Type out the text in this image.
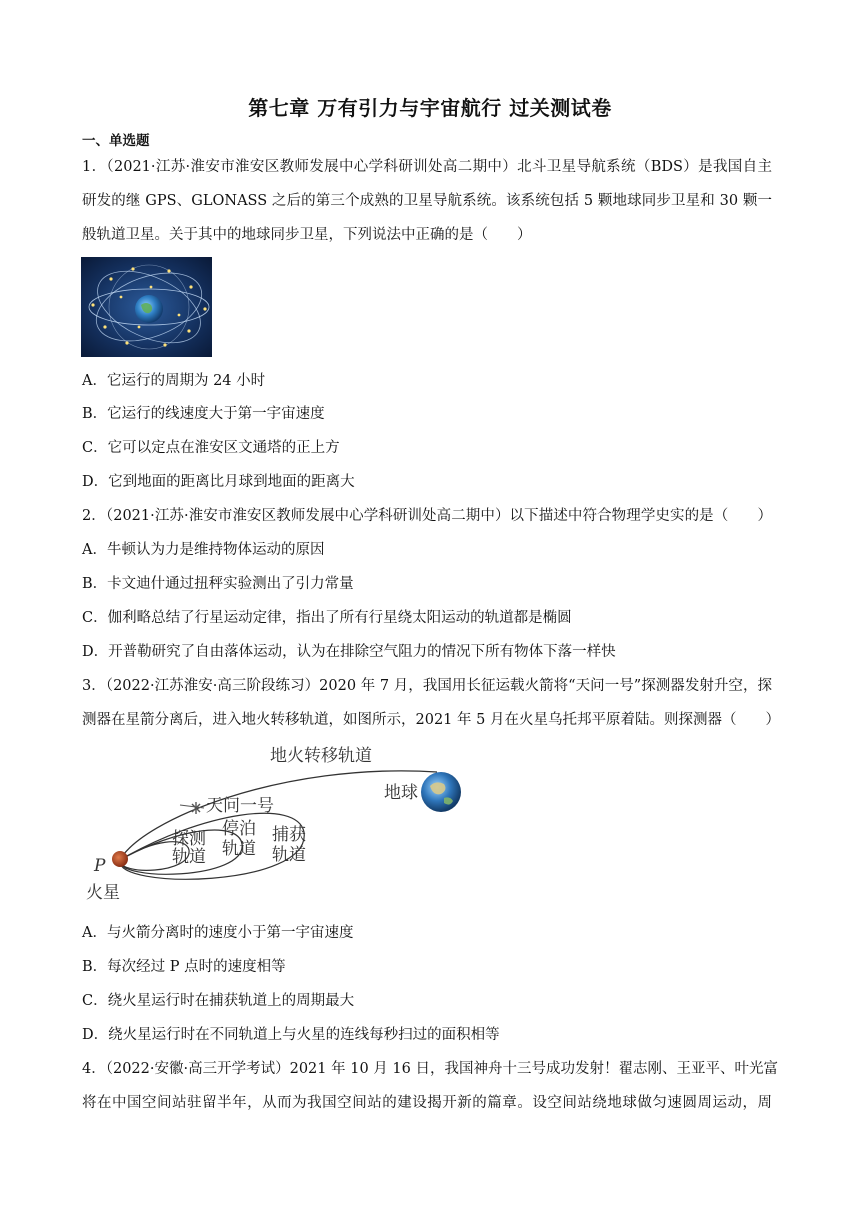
第七章 万有引力与宇宙航行 过关测试卷
一、单选题
1．（2021·江苏·淮安市淮安区教师发展中心学科研训处高二期中）北斗卫星导航系统（BDS）是我国自主
研发的继 GPS、GLONASS 之后的第三个成熟的卫星导航系统。该系统包括 5 颗地球同步卫星和 30 颗一
般轨道卫星。关于其中的地球同步卫星，下列说法中正确的是（　　）
A．它运行的周期为 24 小时
B．它运行的线速度大于第一宇宙速度
C．它可以定点在淮安区文通塔的正上方
D．它到地面的距离比月球到地面的距离大
2．（2021·江苏·淮安市淮安区教师发展中心学科研训处高二期中）以下描述中符合物理学史实的是（　　）
A．牛顿认为力是维持物体运动的原因
B．卡文迪什通过扭秤实验测出了引力常量
C．伽利略总结了行星运动定律，指出了所有行星绕太阳运动的轨道都是椭圆
D．开普勒研究了自由落体运动，认为在排除空气阻力的情况下所有物体下落一样快
3．（2022·江苏淮安·高三阶段练习）2020 年 7 月，我国用长征运载火箭将“天问一号”探测器发射升空，探
测器在星箭分离后，进入地火转移轨道，如图所示，2021 年 5 月在火星乌托邦平原着陆。则探测器（　　）
地火转移轨道
地球
天问一号
探测
轨道
停泊
轨道
捕获
轨道
P
火星
A．与火箭分离时的速度小于第一宇宙速度
B．每次经过 P 点时的速度相等
C．绕火星运行时在捕获轨道上的周期最大
D．绕火星运行时在不同轨道上与火星的连线每秒扫过的面积相等
4．（2022·安徽·高三开学考试）2021 年 10 月 16 日，我国神舟十三号成功发射！翟志刚、王亚平、叶光富
将在中国空间站驻留半年，从而为我国空间站的建设揭开新的篇章。设空间站绕地球做匀速圆周运动，周
